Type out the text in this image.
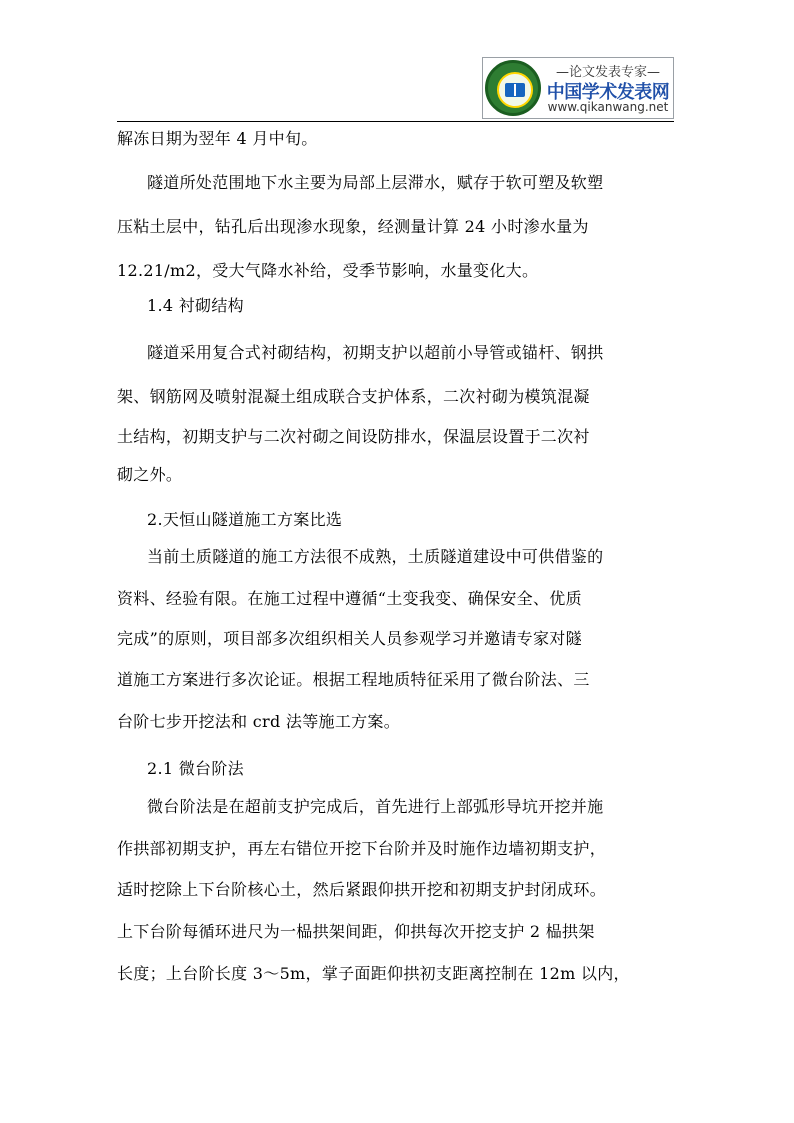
—论文发表专家—
中国学术发表网
www.qikanwang.net
解冻日期为翌年 4 月中旬。
隧道所处范围地下水主要为局部上层滞水，赋存于软可塑及软塑
压粘土层中，钻孔后出现渗水现象，经测量计算 24 小时渗水量为
12.21/m2，受大气降水补给，受季节影响，水量变化大。
1.4 衬砌结构
隧道采用复合式衬砌结构，初期支护以超前小导管或锚杆、钢拱
架、钢筋网及喷射混凝土组成联合支护体系，二次衬砌为模筑混凝
土结构，初期支护与二次衬砌之间设防排水，保温层设置于二次衬
砌之外。
2.天恒山隧道施工方案比选
当前土质隧道的施工方法很不成熟，土质隧道建设中可供借鉴的
资料、经验有限。在施工过程中遵循“土变我变、确保安全、优质
完成”的原则，项目部多次组织相关人员参观学习并邀请专家对隧
道施工方案进行多次论证。根据工程地质特征采用了微台阶法、三
台阶七步开挖法和 crd 法等施工方案。
2.1 微台阶法
微台阶法是在超前支护完成后，首先进行上部弧形导坑开挖并施
作拱部初期支护，再左右错位开挖下台阶并及时施作边墙初期支护，
适时挖除上下台阶核心土，然后紧跟仰拱开挖和初期支护封闭成环。
上下台阶每循环进尺为一榀拱架间距，仰拱每次开挖支护 2 榀拱架
长度；上台阶长度 3～5m，掌子面距仰拱初支距离控制在 12m 以内，
